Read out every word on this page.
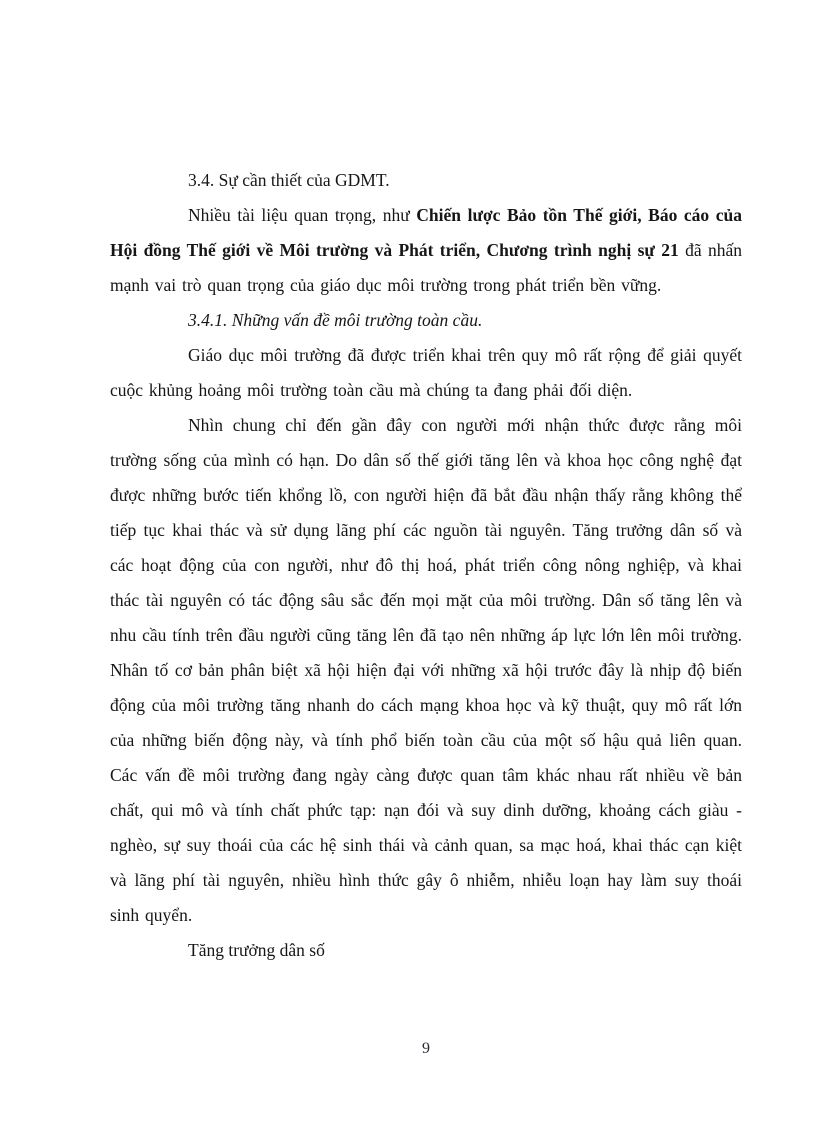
3.4. Sự cần thiết của GDMT.

Nhiều tài liệu quan trọng, như Chiến lược Bảo tồn Thế giới, Báo cáo của Hội đồng Thế giới về Môi trường và Phát triển, Chương trình nghị sự 21 đã nhấn mạnh vai trò quan trọng của giáo dục môi trường trong phát triển bền vững.

3.4.1. Những vấn đề môi trường toàn cầu.

Giáo dục môi trường đã được triển khai trên quy mô rất rộng để giải quyết cuộc khủng hoảng môi trường toàn cầu mà chúng ta đang phải đối diện.

Nhìn chung chỉ đến gần đây con người mới nhận thức được rằng môi trường sống của mình có hạn. Do dân số thế giới tăng lên và khoa học công nghệ đạt được những bước tiến khổng lồ, con người hiện đã bắt đầu nhận thấy rằng không thể tiếp tục khai thác và sử dụng lãng phí các nguồn tài nguyên. Tăng trưởng dân số và các hoạt động của con người, như đô thị hoá, phát triển công nông nghiệp, và khai thác tài nguyên có tác động sâu sắc đến mọi mặt của môi trường. Dân số tăng lên và nhu cầu tính trên đầu người cũng tăng lên đã tạo nên những áp lực lớn lên môi trường. Nhân tố cơ bản phân biệt xã hội hiện đại với những xã hội trước đây là nhịp độ biến động của môi trường tăng nhanh do cách mạng khoa học và kỹ thuật, quy mô rất lớn của những biến động này, và tính phổ biến toàn cầu của một số hậu quả liên quan. Các vấn đề môi trường đang ngày càng được quan tâm khác nhau rất nhiều về bản chất, qui mô và tính chất phức tạp: nạn đói và suy dinh dưỡng, khoảng cách giàu - nghèo, sự suy thoái của các hệ sinh thái và cảnh quan, sa mạc hoá, khai thác cạn kiệt và lãng phí tài nguyên, nhiều hình thức gây ô nhiễm, nhiễu loạn hay làm suy thoái sinh quyển.

Tăng trưởng dân số
9
